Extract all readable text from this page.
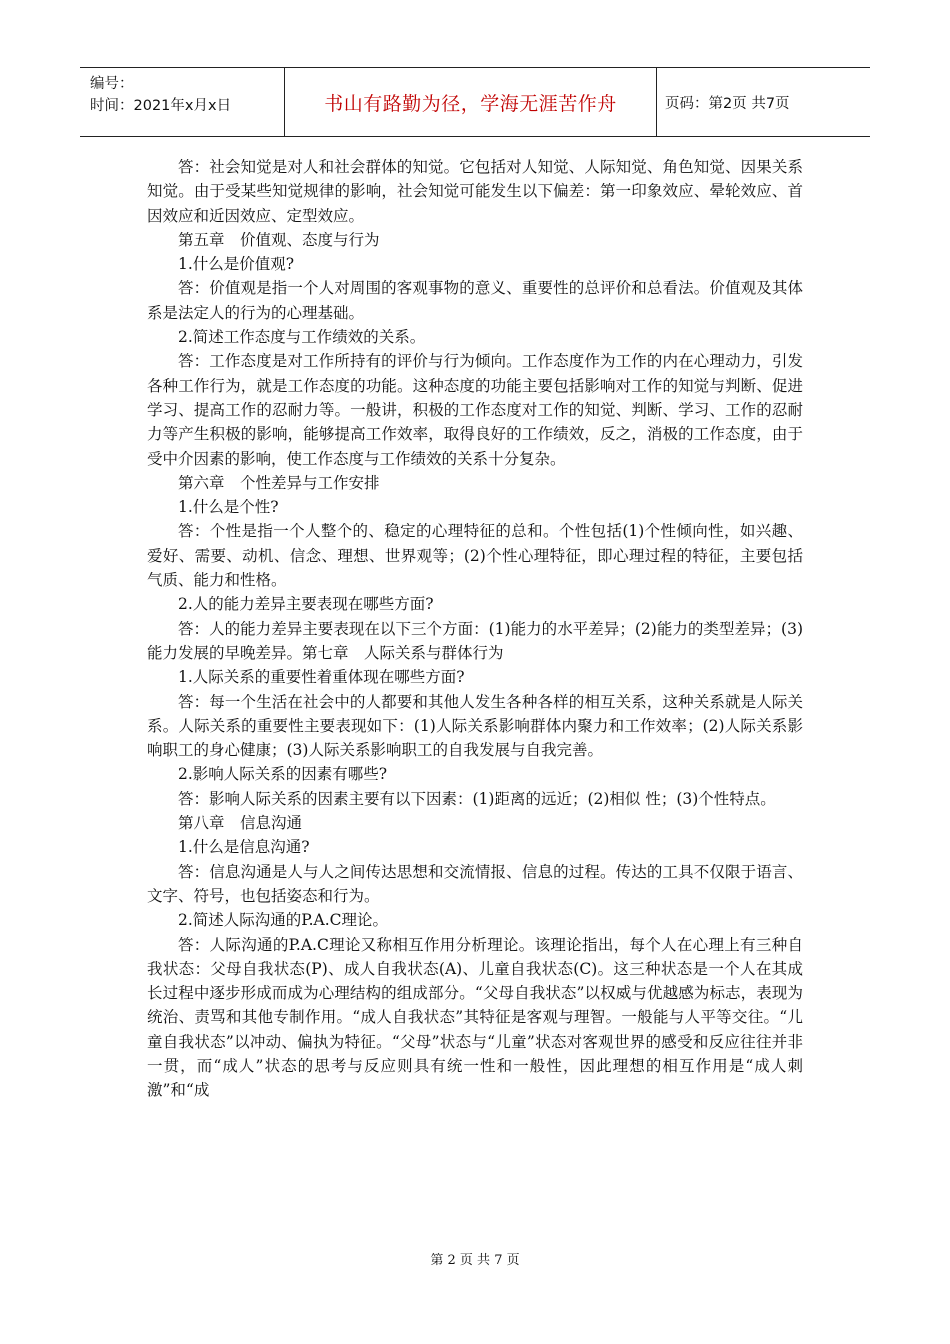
编号：
时间：2021年x月x日	书山有路勤为径，学海无涯苦作舟	页码：第2页 共7页

答：社会知觉是对人和社会群体的知觉。它包括对人知觉、人际知觉、角色知觉、因果关系知觉。由于受某些知觉规律的影响，社会知觉可能发生以下偏差：第一印象效应、晕轮效应、首因效应和近因效应、定型效应。

第五章　价值观、态度与行为

1.什么是价值观?

答：价值观是指一个人对周围的客观事物的意义、重要性的总评价和总看法。价值观及其体系是法定人的行为的心理基础。

2.简述工作态度与工作绩效的关系。

答：工作态度是对工作所持有的评价与行为倾向。工作态度作为工作的内在心理动力，引发各种工作行为，就是工作态度的功能。这种态度的功能主要包括影响对工作的知觉与判断、促进学习、提高工作的忍耐力等。一般讲，积极的工作态度对工作的知觉、判断、学习、工作的忍耐力等产生积极的影响，能够提高工作效率，取得良好的工作绩效，反之，消极的工作态度，由于受中介因素的影响，使工作态度与工作绩效的关系十分复杂。

第六章　个性差异与工作安排

1.什么是个性?

答：个性是指一个人整个的、稳定的心理特征的总和。个性包括(1)个性倾向性，如兴趣、爱好、需要、动机、信念、理想、世界观等；(2)个性心理特征，即心理过程的特征，主要包括气质、能力和性格。

2.人的能力差异主要表现在哪些方面?

答：人的能力差异主要表现在以下三个方面：(1)能力的水平差异；(2)能力的类型差异；(3)能力发展的早晚差异。第七章　人际关系与群体行为

1.人际关系的重要性着重体现在哪些方面?

答：每一个生活在社会中的人都要和其他人发生各种各样的相互关系，这种关系就是人际关系。人际关系的重要性主要表现如下：(1)人际关系影响群体内聚力和工作效率；(2)人际关系影响职工的身心健康；(3)人际关系影响职工的自我发展与自我完善。

2.影响人际关系的因素有哪些?

答：影响人际关系的因素主要有以下因素：(1)距离的远近；(2)相似 性；(3)个性特点。

第八章　信息沟通

1.什么是信息沟通?

答：信息沟通是人与人之间传达思想和交流情报、信息的过程。传达的工具不仅限于语言、文字、符号，也包括姿态和行为。

2.简述人际沟通的P.A.C理论。

答：人际沟通的P.A.C理论又称相互作用分析理论。该理论指出，每个人在心理上有三种自我状态：父母自我状态(P)、成人自我状态(A)、儿童自我状态(C)。这三种状态是一个人在其成长过程中逐步形成而成为心理结构的组成部分。“父母自我状态”以权威与优越感为标志，表现为统治、责骂和其他专制作用。“成人自我状态”其特征是客观与理智。一般能与人平等交往。“儿童自我状态”以冲动、偏执为特征。“父母”状态与“儿童”状态对客观世界的感受和反应往往并非一贯，而“成人”状态的思考与反应则具有统一性和一般性，因此理想的相互作用是“成人刺激”和“成

第 2 页 共 7 页
